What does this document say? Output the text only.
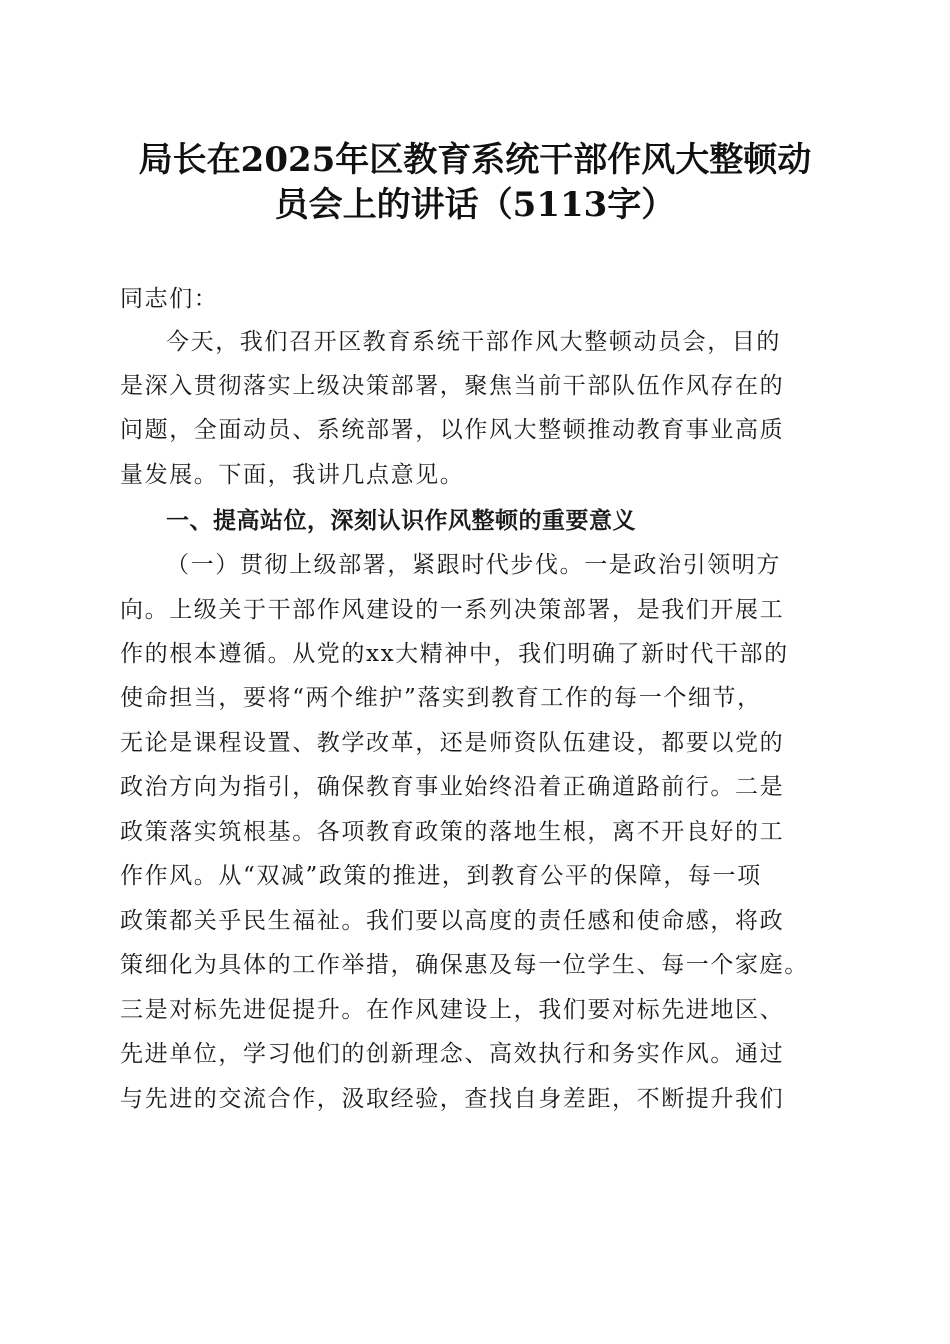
局长在2025年区教育系统干部作风大整顿动
员会上的讲话（5113字）
同志们：
今天，我们召开区教育系统干部作风大整顿动员会，目的
是深入贯彻落实上级决策部署，聚焦当前干部队伍作风存在的
问题，全面动员、系统部署，以作风大整顿推动教育事业高质
量发展。下面，我讲几点意见。
一、提高站位，深刻认识作风整顿的重要意义
（一）贯彻上级部署，紧跟时代步伐。一是政治引领明方
向。上级关于干部作风建设的一系列决策部署，是我们开展工
作的根本遵循。从党的xx大精神中，我们明确了新时代干部的
使命担当，要将“两个维护”落实到教育工作的每一个细节，
无论是课程设置、教学改革，还是师资队伍建设，都要以党的
政治方向为指引，确保教育事业始终沿着正确道路前行。二是
政策落实筑根基。各项教育政策的落地生根，离不开良好的工
作作风。从“双减”政策的推进，到教育公平的保障，每一项
政策都关乎民生福祉。我们要以高度的责任感和使命感，将政
策细化为具体的工作举措，确保惠及每一位学生、每一个家庭。
三是对标先进促提升。在作风建设上，我们要对标先进地区、
先进单位，学习他们的创新理念、高效执行和务实作风。通过
与先进的交流合作，汲取经验，查找自身差距，不断提升我们
